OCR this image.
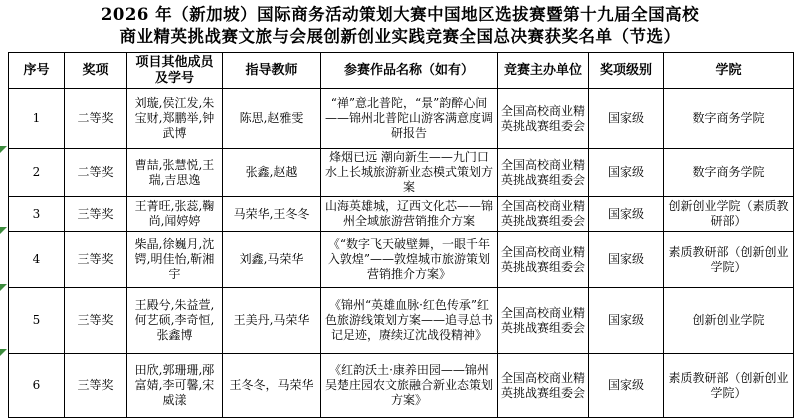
2026 年（新加坡）国际商务活动策划大赛中国地区选拔赛暨第十九届全国高校
商业精英挑战赛文旅与会展创新创业实践竞赛全国总决赛获奖名单（节选）
序号	奖项	项目其他成员及学号	指导教师	参赛作品名称（如有）	竞赛主办单位	奖项级别	学院
1	二等奖	刘璇,侯江发,朱宝财,郑鹏举,钟武博	陈思,赵雅雯	“禅”意北普陀，“景”韵醉心间——锦州北普陀山游客满意度调研报告	全国高校商业精英挑战赛组委会	国家级	数字商务学院
2	二等奖	曹喆,张慧悦,王瑞,吉思逸	张鑫,赵越	烽烟已远 潮向新生——九门口水上长城旅游新业态模式策划方案	全国高校商业精英挑战赛组委会	国家级	数字商务学院
3	三等奖	王菁旺,张蕊,鞠尚,闻婷婷	马荣华,王冬冬	山海英雄城，辽西文化芯——锦州全域旅游营销推介方案	全国高校商业精英挑战赛组委会	国家级	创新创业学院（素质教研部）
4	三等奖	柴晶,徐巍月,沈锷,明佳怡,靳湘宇	刘鑫,马荣华	《“数字飞天破壁舞，一眼千年入敦煌”——敦煌城市旅游策划营销推介方案》	全国高校商业精英挑战赛组委会	国家级	素质教研部（创新创业学院）
5	三等奖	王殿兮,朱益萱,何艺硕,李奇恒,张鑫博	王美丹,马荣华	《锦州“英雄血脉·红色传承”红色旅游线策划方案——追寻总书记足迹，赓续辽沈战役精神》	全国高校商业精英挑战赛组委会	国家级	创新创业学院
6	三等奖	田欣,郭珊珊,邴富婧,李可馨,宋威漾	王冬冬，马荣华	《红韵沃土·康养田园——锦州吴楚庄园农文旅融合新业态策划方案》	全国高校商业精英挑战赛组委会	国家级	素质教研部（创新创业学院）
